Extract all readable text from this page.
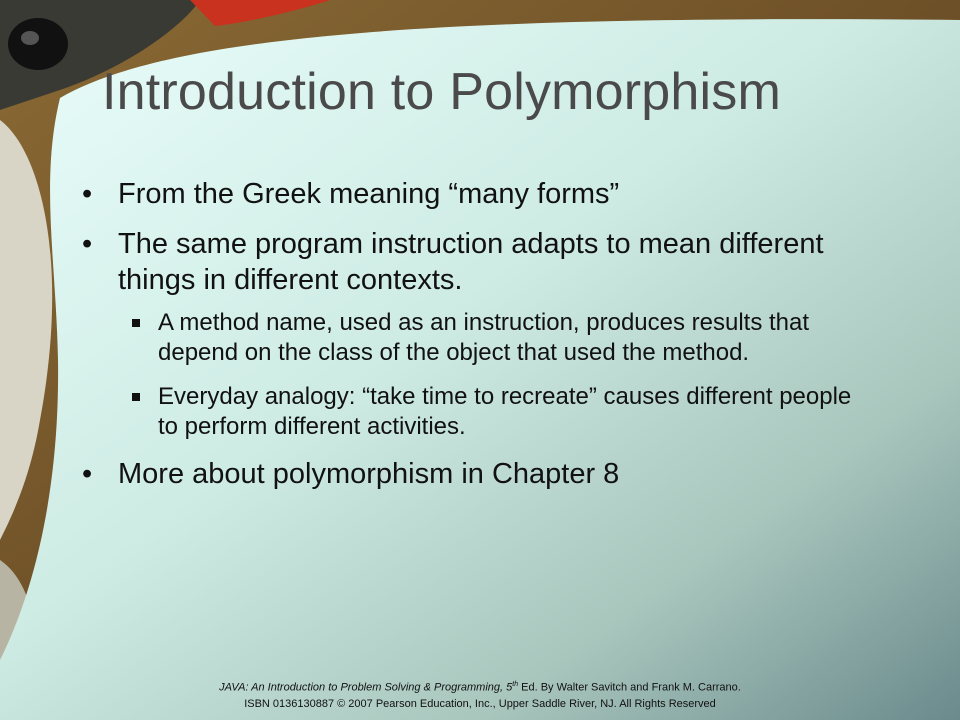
Introduction to Polymorphism
• From the Greek meaning “many forms”
• The same program instruction adapts to mean different things in different contexts.
A method name, used as an instruction, produces results that depend on the class of the object that used the method.
Everyday analogy: “take time to recreate” causes different people to perform different activities.
• More about polymorphism in Chapter 8
JAVA: An Introduction to Problem Solving & Programming, 5th Ed. By Walter Savitch and Frank M. Carrano.
ISBN 0136130887 © 2007 Pearson Education, Inc., Upper Saddle River, NJ. All Rights Reserved
